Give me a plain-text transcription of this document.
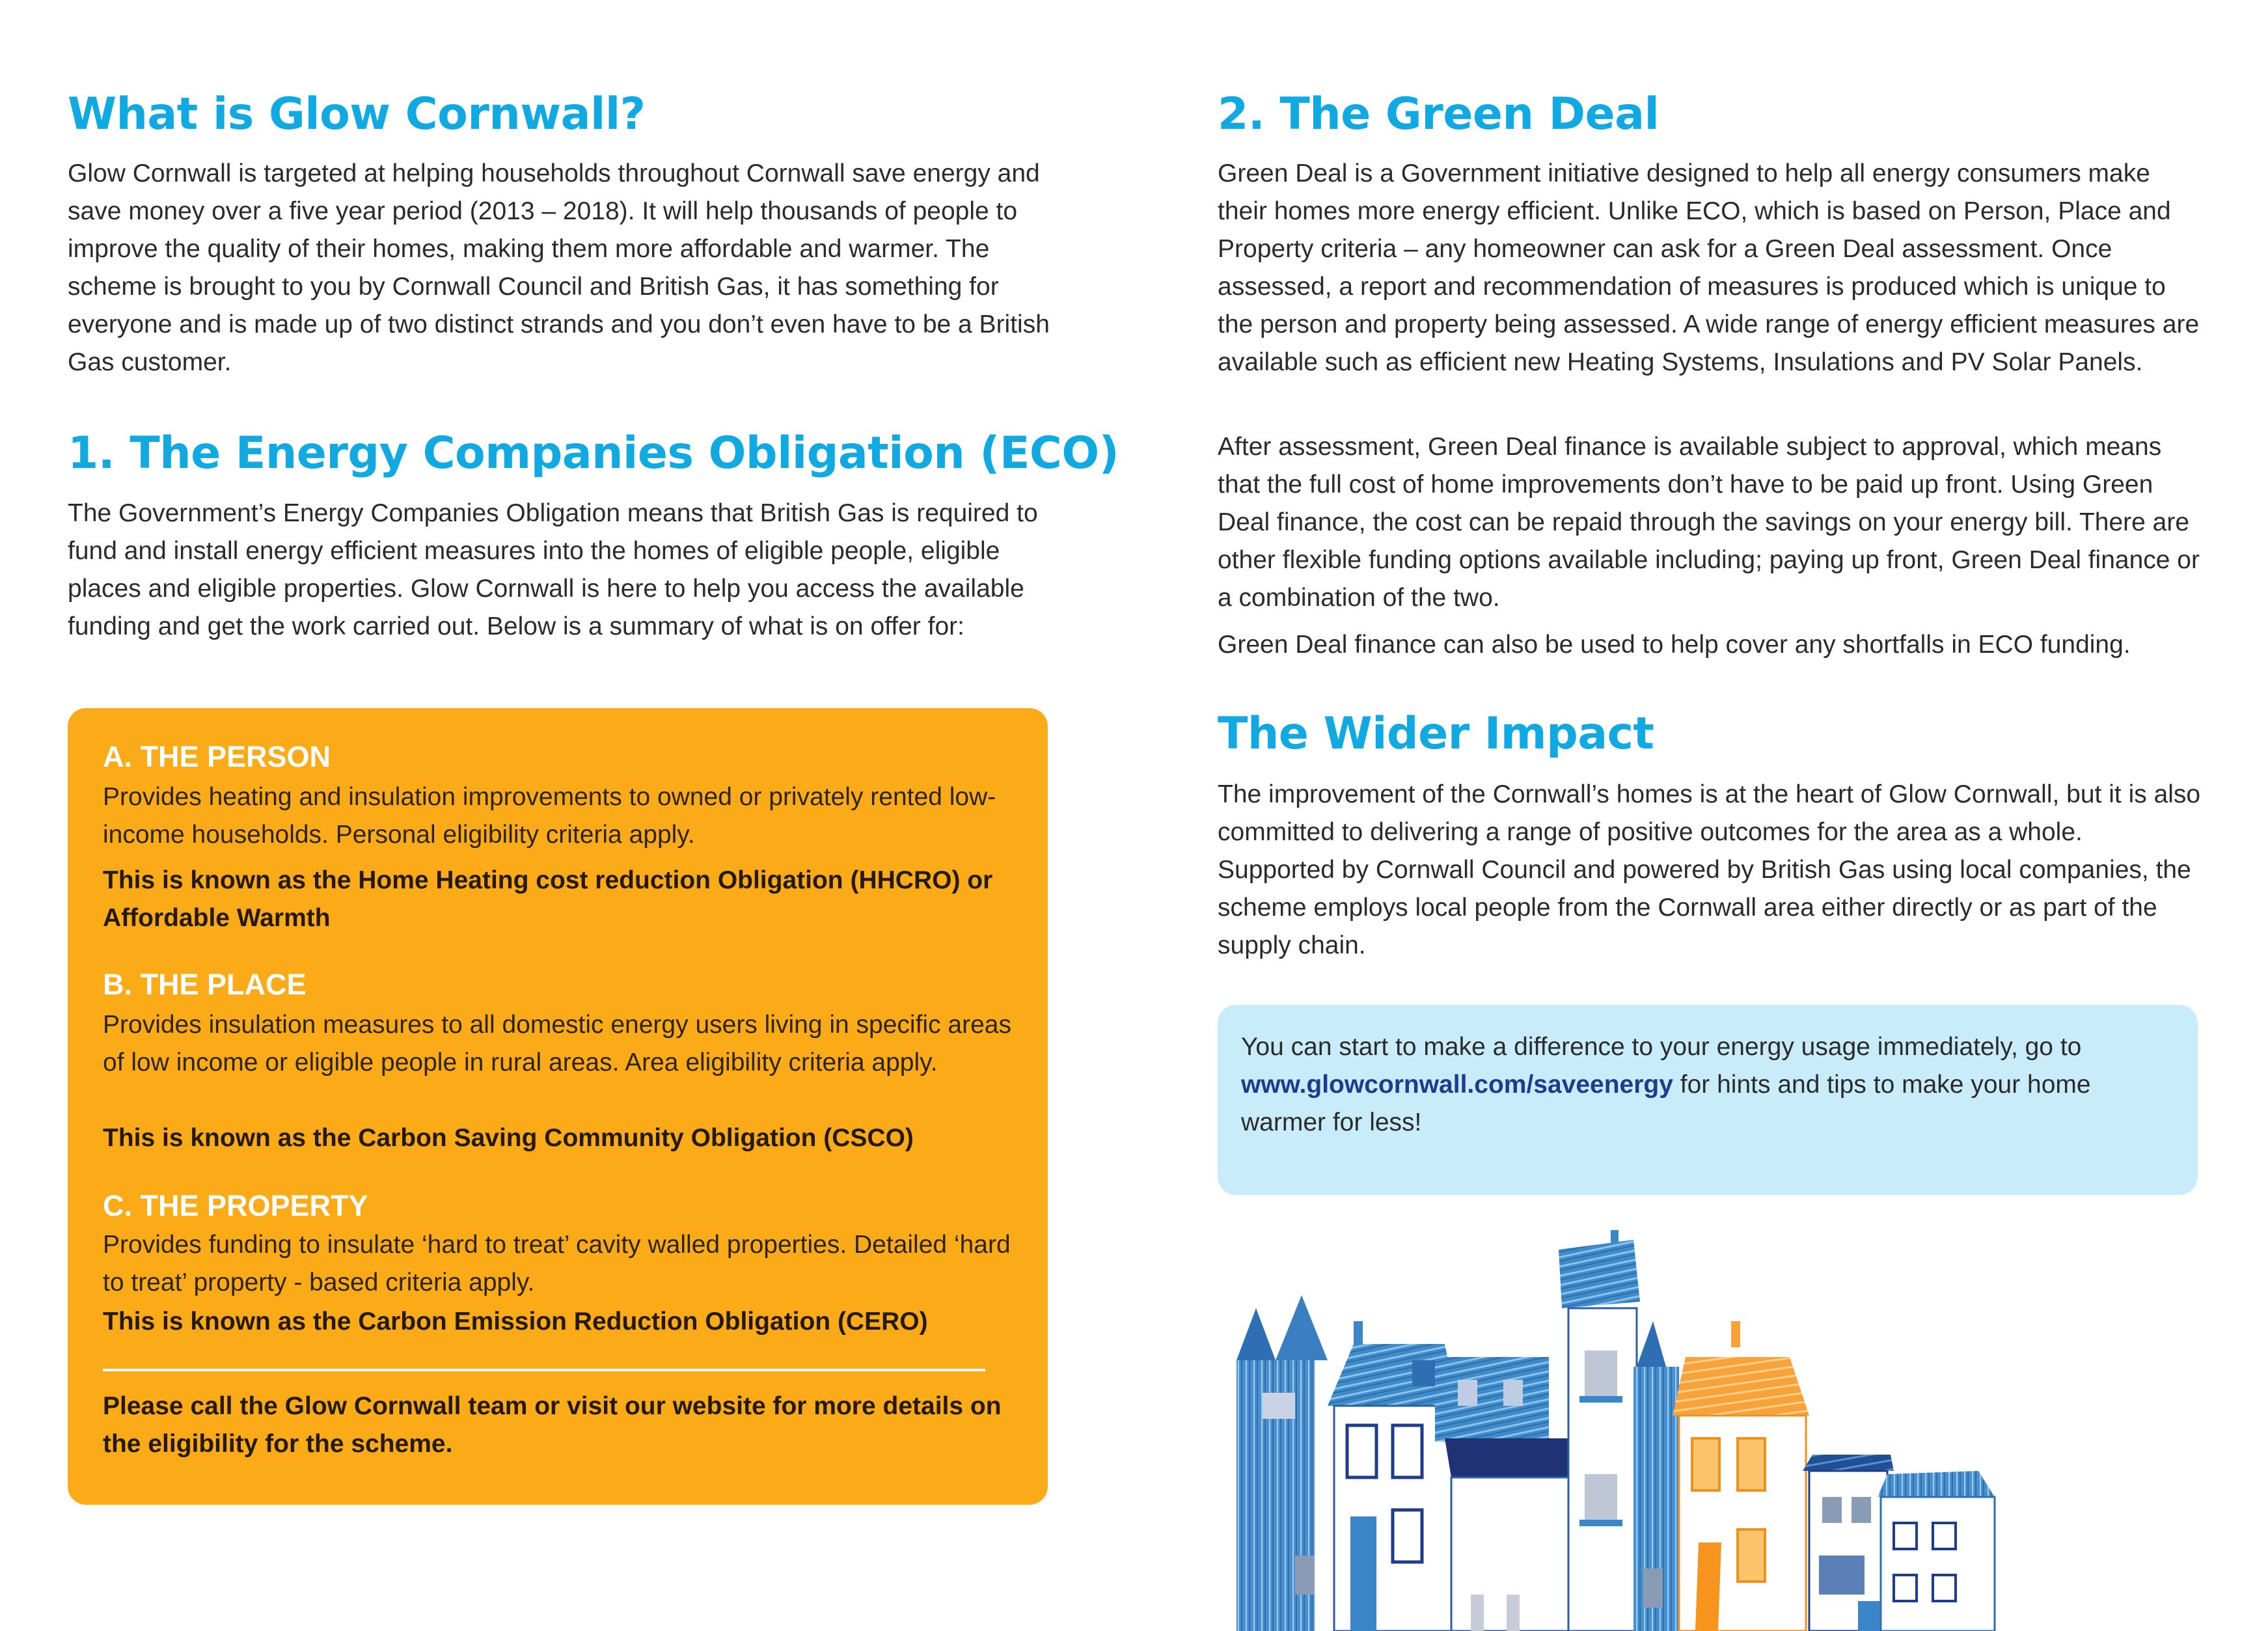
What is Glow Cornwall?

Glow Cornwall is targeted at helping households throughout Cornwall save energy and save money over a five year period (2013 – 2018). It will help thousands of people to improve the quality of their homes, making them more affordable and warmer. The scheme is brought to you by Cornwall Council and British Gas, it has something for everyone and is made up of two distinct strands and you don’t even have to be a British Gas customer.

1. The Energy Companies Obligation (ECO)

The Government’s Energy Companies Obligation means that British Gas is required to fund and install energy efficient measures into the homes of eligible people, eligible places and eligible properties. Glow Cornwall is here to help you access the available funding and get the work carried out. Below is a summary of what is on offer for:

A. THE PERSON

Provides heating and insulation improvements to owned or privately rented low-income households. Personal eligibility criteria apply.

This is known as the Home Heating cost reduction Obligation (HHCRO) or Affordable Warmth

B. THE PLACE

Provides insulation measures to all domestic energy users living in specific areas of low income or eligible people in rural areas. Area eligibility criteria apply.

This is known as the Carbon Saving Community Obligation (CSCO)

C. THE PROPERTY

Provides funding to insulate ‘hard to treat’ cavity walled properties. Detailed ‘hard to treat’ property - based criteria apply.

This is known as the Carbon Emission Reduction Obligation (CERO)

Please call the Glow Cornwall team or visit our website for more details on the eligibility for the scheme.

2. The Green Deal

Green Deal is a Government initiative designed to help all energy consumers make their homes more energy efficient. Unlike ECO, which is based on Person, Place and Property criteria – any homeowner can ask for a Green Deal assessment. Once assessed, a report and recommendation of measures is produced which is unique to the person and property being assessed. A wide range of energy efficient measures are available such as efficient new Heating Systems, Insulations and PV Solar Panels.

After assessment, Green Deal finance is available subject to approval, which means that the full cost of home improvements don’t have to be paid up front. Using Green Deal finance, the cost can be repaid through the savings on your energy bill. There are other flexible funding options available including; paying up front, Green Deal finance or a combination of the two.

Green Deal finance can also be used to help cover any shortfalls in ECO funding.

The Wider Impact

The improvement of the Cornwall’s homes is at the heart of Glow Cornwall, but it is also committed to delivering a range of positive outcomes for the area as a whole. Supported by Cornwall Council and powered by British Gas using local companies, the scheme employs local people from the Cornwall area either directly or as part of the supply chain.

You can start to make a difference to your energy usage immediately, go to www.glowcornwall.com/saveenergy for hints and tips to make your home warmer for less!
